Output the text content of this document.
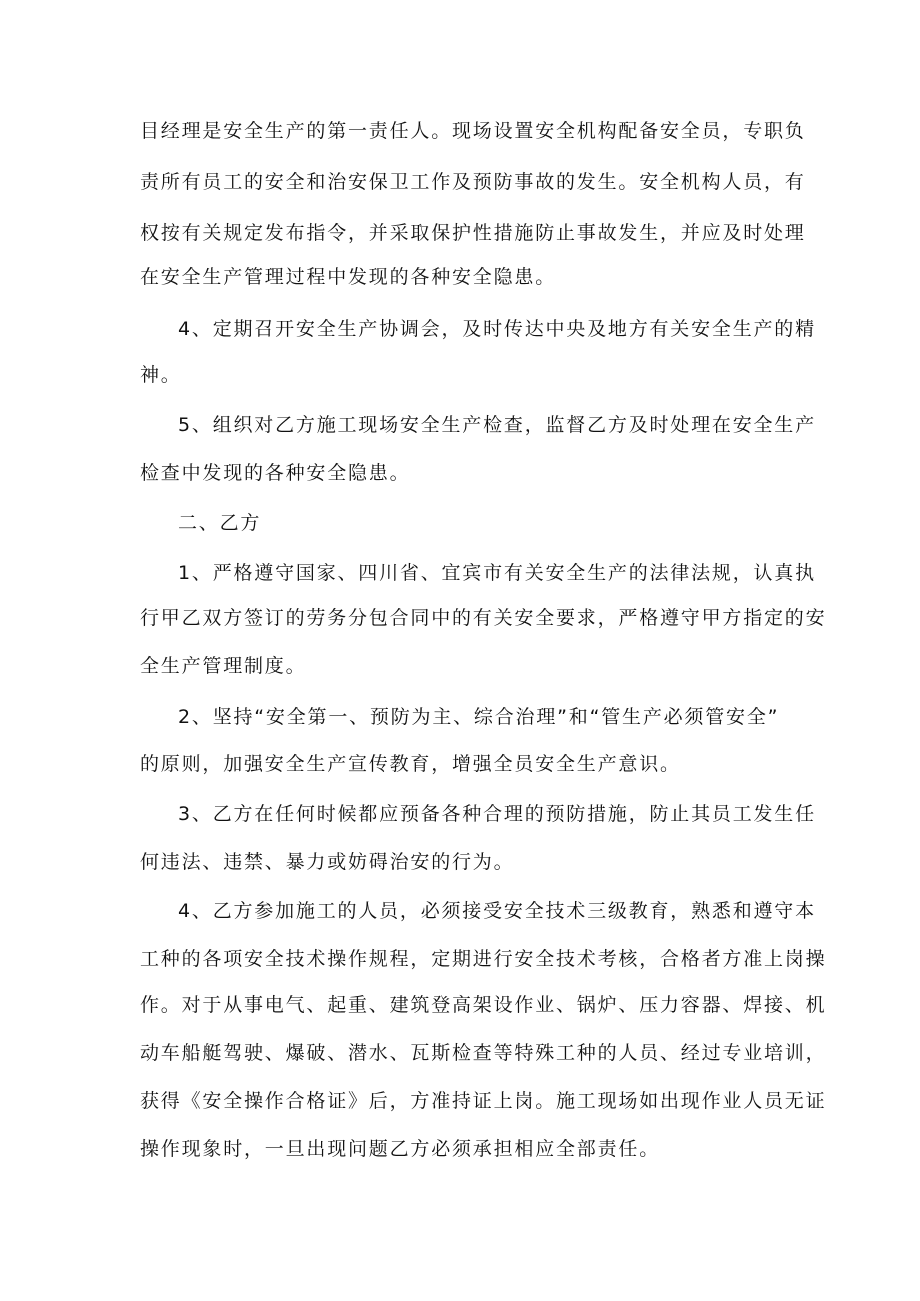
目经理是安全生产的第一责任人。现场设置安全机构配备安全员，专职负
责所有员工的安全和治安保卫工作及预防事故的发生。安全机构人员，有
权按有关规定发布指令，并采取保护性措施防止事故发生，并应及时处理
在安全生产管理过程中发现的各种安全隐患。
4、定期召开安全生产协调会，及时传达中央及地方有关安全生产的精
神。
5、组织对乙方施工现场安全生产检查，监督乙方及时处理在安全生产
检查中发现的各种安全隐患。
二、乙方
1、严格遵守国家、四川省、宜宾市有关安全生产的法律法规，认真执
行甲乙双方签订的劳务分包合同中的有关安全要求，严格遵守甲方指定的安
全生产管理制度。
2、坚持“安全第一、预防为主、综合治理”和“管生产必须管安全”
的原则，加强安全生产宣传教育，增强全员安全生产意识。
3、乙方在任何时候都应预备各种合理的预防措施，防止其员工发生任
何违法、违禁、暴力或妨碍治安的行为。
4、乙方参加施工的人员，必须接受安全技术三级教育，熟悉和遵守本
工种的各项安全技术操作规程，定期进行安全技术考核，合格者方准上岗操
作。对于从事电气、起重、建筑登高架设作业、锅炉、压力容器、焊接、机
动车船艇驾驶、爆破、潜水、瓦斯检查等特殊工种的人员、经过专业培训，
获得《安全操作合格证》后，方准持证上岗。施工现场如出现作业人员无证
操作现象时，一旦出现问题乙方必须承担相应全部责任。
